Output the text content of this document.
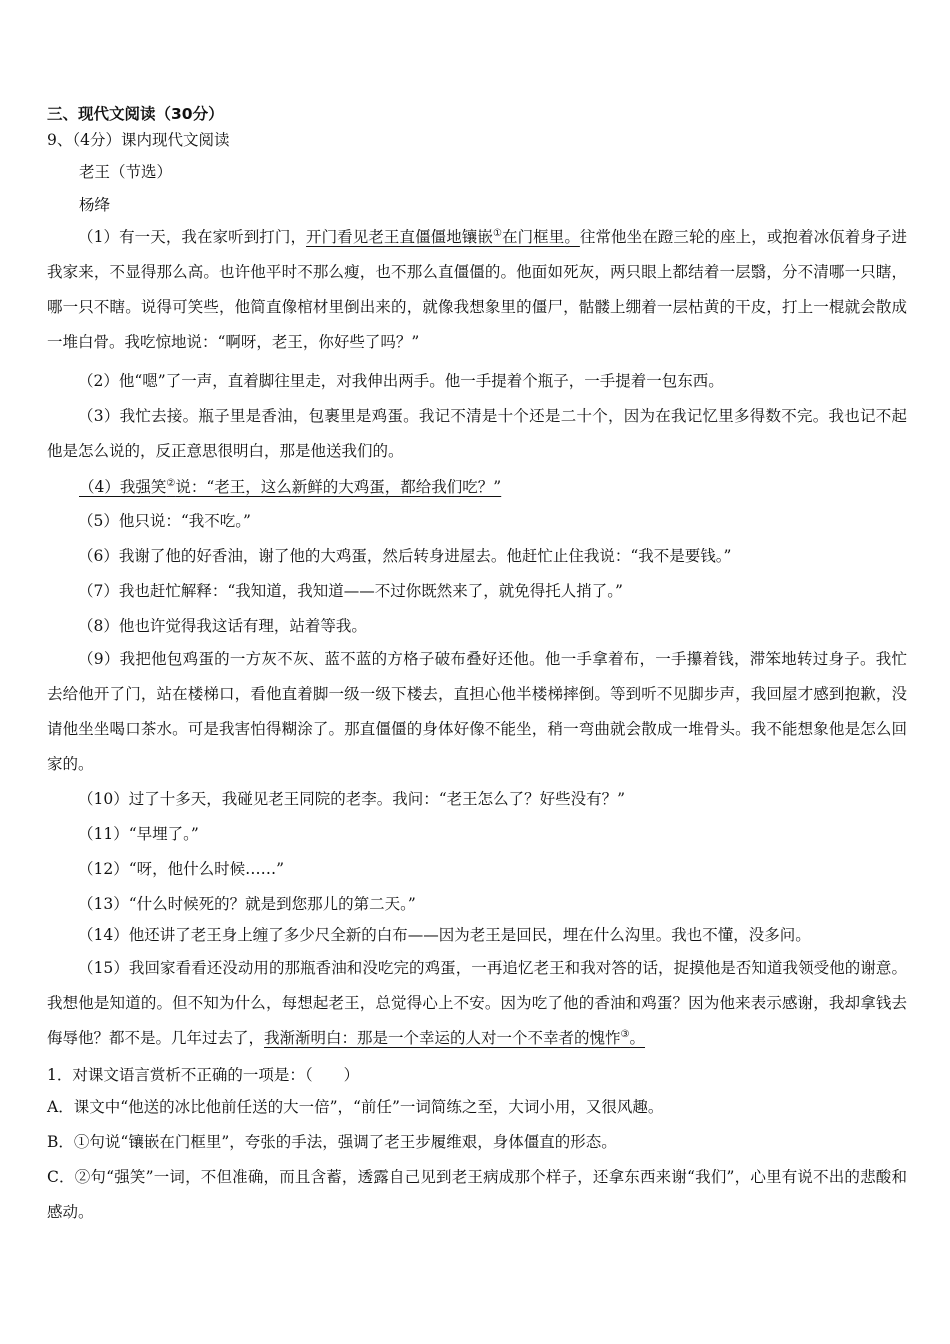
三、现代文阅读（30分）
9、（4分）课内现代文阅读
老王（节选）
杨绛

（1）有一天，我在家听到打门，开门看见老王直僵僵地镶嵌①在门框里。往常他坐在蹬三轮的座上，或抱着冰佤着身子进我家来，不显得那么高。也许他平时不那么瘦，也不那么直僵僵的。他面如死灰，两只眼上都结着一层翳，分不清哪一只瞎，哪一只不瞎。说得可笑些，他简直像棺材里倒出来的，就像我想象里的僵尸，骷髅上绷着一层枯黄的干皮，打上一棍就会散成一堆白骨。我吃惊地说：“啊呀，老王，你好些了吗？”

（2）他“嗯”了一声，直着脚往里走，对我伸出两手。他一手提着个瓶子，一手提着一包东西。

（3）我忙去接。瓶子里是香油，包裹里是鸡蛋。我记不清是十个还是二十个，因为在我记忆里多得数不完。我也记不起他是怎么说的，反正意思很明白，那是他送我们的。

（4）我强笑②说：“老王，这么新鲜的大鸡蛋，都给我们吃？”

（5）他只说：“我不吃。”

（6）我谢了他的好香油，谢了他的大鸡蛋，然后转身进屋去。他赶忙止住我说：“我不是要钱。”

（7）我也赶忙解释：“我知道，我知道——不过你既然来了，就免得托人捎了。”

（8）他也许觉得我这话有理，站着等我。

（9）我把他包鸡蛋的一方灰不灰、蓝不蓝的方格子破布叠好还他。他一手拿着布，一手攥着钱，滞笨地转过身子。我忙去给他开了门，站在楼梯口，看他直着脚一级一级下楼去，直担心他半楼梯摔倒。等到听不见脚步声，我回屋才感到抱歉，没请他坐坐喝口茶水。可是我害怕得糊涂了。那直僵僵的身体好像不能坐，稍一弯曲就会散成一堆骨头。我不能想象他是怎么回家的。

（10）过了十多天，我碰见老王同院的老李。我问：“老王怎么了？好些没有？”

（11）“早埋了。”

（12）“呀，他什么时候……”

（13）“什么时候死的？就是到您那儿的第二天。”

（14）他还讲了老王身上缠了多少尺全新的白布——因为老王是回民，埋在什么沟里。我也不懂，没多问。

（15）我回家看看还没动用的那瓶香油和没吃完的鸡蛋，一再追忆老王和我对答的话，捉摸他是否知道我领受他的谢意。我想他是知道的。但不知为什么，每想起老王，总觉得心上不安。因为吃了他的香油和鸡蛋？因为他来表示感谢，我却拿钱去侮辱他？都不是。几年过去了，我渐渐明白：那是一个幸运的人对一个不幸者的愧怍③。

1．对课文语言赏析不正确的一项是：（　　）

A．课文中“他送的冰比他前任送的大一倍”，“前任”一词简练之至，大词小用，又很风趣。

B．①句说“镶嵌在门框里”，夸张的手法，强调了老王步履维艰，身体僵直的形态。

C．②句“强笑”一词，不但准确，而且含蓄，透露自己见到老王病成那个样子，还拿东西来谢“我们”，心里有说不出的悲酸和感动。
